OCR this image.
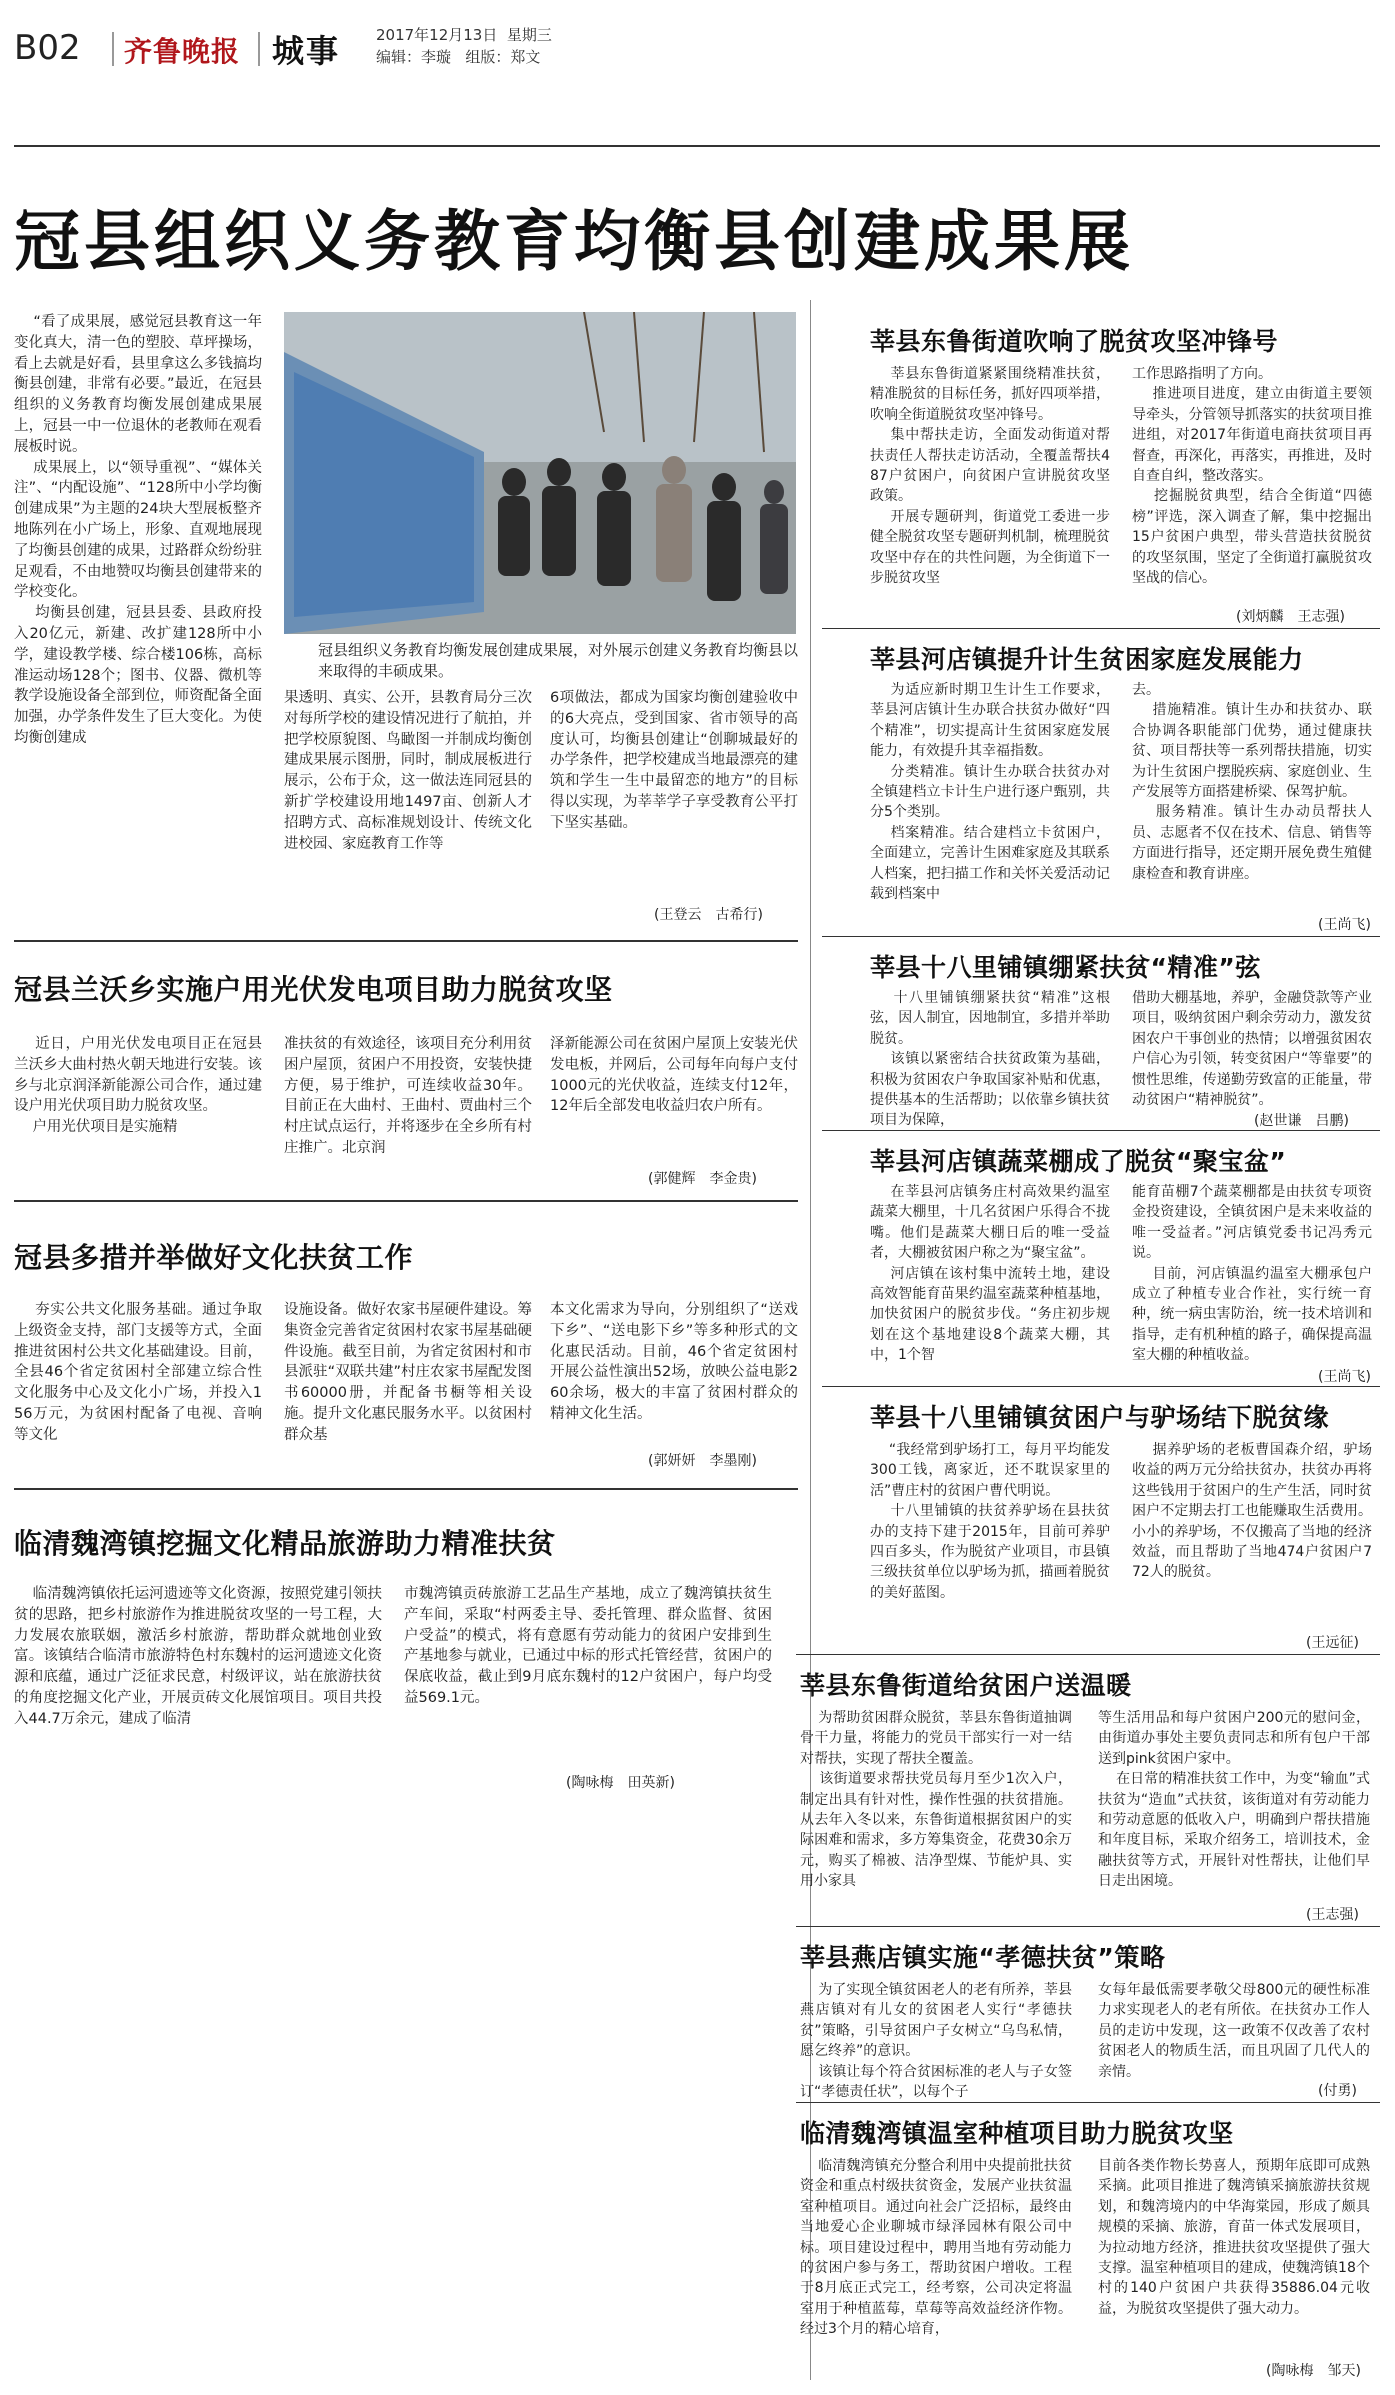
B02 齐鲁晚报 城事 2017年12月13日 星期三
编辑：李璇 组版：郑文
冠县组织义务教育均衡县创建成果展
“看了成果展，感觉冠县教育这一年变化真大，清一色的塑胶、草坪操场，看上去就是好看，县里拿这么多钱搞均衡县创建，非常有必要。”最近，在冠县组织的义务教育均衡发展创建成果展上，冠县一中一位退休的老教师在观看展板时说。
成果展上，以“领导重视”、“媒体关注”、“内配设施”、“128所中小学均衡创建成果”为主题的24块大型展板整齐地陈列在小广场上，形象、直观地展现了均衡县创建的成果，过路群众纷纷驻足观看，不由地赞叹均衡县创建带来的学校变化。
均衡县创建，冠县县委、县政府投入20亿元，新建、改扩建128所中小学，建设教学楼、综合楼106栋，高标准运动场128个；图书、仪器、微机等教学设施设备全部到位，师资配备全面加强，办学条件发生了巨大变化。为使均衡创建成
冠县组织义务教育均衡发展创建成果展，对外展示创建义务教育均衡县以来取得的丰硕成果。
果透明、真实、公开，县教育局分三次对每所学校的建设情况进行了航拍，并把学校原貌图、鸟瞰图一并制成均衡创建成果展示图册，同时，制成展板进行展示，公布于众，这一做法连同冠县的新扩学校建设用地1497亩、创新人才招聘方式、高标准规划设计、传统文化进校园、家庭教育工作等
6项做法，都成为国家均衡创建验收中的6大亮点，受到国家、省市领导的高度认可，均衡县创建让“创聊城最好的办学条件，把学校建成当地最漂亮的建筑和学生一生中最留恋的地方”的目标得以实现，为莘莘学子享受教育公平打下坚实基础。
(王登云　古希行)
冠县兰沃乡实施户用光伏发电项目助力脱贫攻坚
近日，户用光伏发电项目正在冠县兰沃乡大曲村热火朝天地进行安装。该乡与北京润泽新能源公司合作，通过建设户用光伏项目助力脱贫攻坚。
户用光伏项目是实施精
准扶贫的有效途径，该项目充分利用贫困户屋顶，贫困户不用投资，安装快捷方便，易于维护，可连续收益30年。目前正在大曲村、王曲村、贾曲村三个村庄试点运行，并将逐步在全乡所有村庄推广。北京润
泽新能源公司在贫困户屋顶上安装光伏发电板，并网后，公司每年向每户支付1000元的光伏收益，连续支付12年，12年后全部发电收益归农户所有。
(郭健辉　李金贵)
冠县多措并举做好文化扶贫工作
夯实公共文化服务基础。通过争取上级资金支持，部门支援等方式，全面推进贫困村公共文化基础建设。目前，全县46个省定贫困村全部建立综合性文化服务中心及文化小广场，并投入156万元，为贫困村配备了电视、音响等文化
设施设备。做好农家书屋硬件建设。筹集资金完善省定贫困村农家书屋基础硬件设施。截至目前，为省定贫困村和市县派驻“双联共建”村庄农家书屋配发图书60000册，并配备书橱等相关设施。提升文化惠民服务水平。以贫困村群众基
本文化需求为导向，分别组织了“送戏下乡”、“送电影下乡”等多种形式的文化惠民活动。目前，46个省定贫困村开展公益性演出52场，放映公益电影260余场，极大的丰富了贫困村群众的精神文化生活。
(郭妍妍　李墨刚)
临清魏湾镇挖掘文化精品旅游助力精准扶贫
临清魏湾镇依托运河遗迹等文化资源，按照党建引领扶贫的思路，把乡村旅游作为推进脱贫攻坚的一号工程，大力发展农旅联姻，激活乡村旅游，帮助群众就地创业致富。该镇结合临清市旅游特色村东魏村的运河遗迹文化资源和底蕴，通过广泛征求民意，村级评议，站在旅游扶贫的角度挖掘文化产业，开展贡砖文化展馆项目。项目共投入44.7万余元，建成了临清
市魏湾镇贡砖旅游工艺品生产基地，成立了魏湾镇扶贫生产车间，采取“村两委主导、委托管理、群众监督、贫困户受益”的模式，将有意愿有劳动能力的贫困户安排到生产基地参与就业，已通过中标的形式托管经营，贫困户的保底收益，截止到9月底东魏村的12户贫困户，每户均受益569.1元。
(陶咏梅　田英新)
莘县东鲁街道吹响了脱贫攻坚冲锋号
莘县东鲁街道紧紧围绕精准扶贫，精准脱贫的目标任务，抓好四项举措，吹响全街道脱贫攻坚冲锋号。
集中帮扶走访，全面发动街道对帮扶责任人帮扶走访活动，全覆盖帮扶487户贫困户，向贫困户宣讲脱贫攻坚政策。
开展专题研判，街道党工委进一步健全脱贫攻坚专题研判机制，梳理脱贫攻坚中存在的共性问题，为全街道下一步脱贫攻坚
工作思路指明了方向。
推进项目进度，建立由街道主要领导牵头，分管领导抓落实的扶贫项目推进组，对2017年街道电商扶贫项目再督查，再深化，再落实，再推进，及时自查自纠，整改落实。
挖掘脱贫典型，结合全街道“四德榜”评选，深入调查了解，集中挖掘出15户贫困户典型，带头营造扶贫脱贫的攻坚氛围，坚定了全街道打赢脱贫攻坚战的信心。
(刘炳麟　王志强)
莘县河店镇提升计生贫困家庭发展能力
为适应新时期卫生计生工作要求，莘县河店镇计生办联合扶贫办做好“四个精准”，切实提高计生贫困家庭发展能力，有效提升其幸福指数。
分类精准。镇计生办联合扶贫办对全镇建档立卡计生户进行逐户甄别，共分5个类别。
档案精准。结合建档立卡贫困户，全面建立，完善计生困难家庭及其联系人档案，把扫描工作和关怀关爱活动记载到档案中
去。
措施精准。镇计生办和扶贫办、联合协调各职能部门优势，通过健康扶贫、项目帮扶等一系列帮扶措施，切实为计生贫困户摆脱疾病、家庭创业、生产发展等方面搭建桥梁、保驾护航。
服务精准。镇计生办动员帮扶人员、志愿者不仅在技术、信息、销售等方面进行指导，还定期开展免费生殖健康检查和教育讲座。
(王尚飞)
莘县十八里铺镇绷紧扶贫“精准”弦
十八里铺镇绷紧扶贫“精准”这根弦，因人制宜，因地制宜，多措并举助脱贫。
该镇以紧密结合扶贫政策为基础，积极为贫困农户争取国家补贴和优惠，提供基本的生活帮助；以依靠乡镇扶贫项目为保障，
借助大棚基地，养驴，金融贷款等产业项目，吸纳贫困户剩余劳动力，激发贫困农户干事创业的热情；以增强贫困农户信心为引领，转变贫困户“等靠要”的惯性思维，传递勤劳致富的正能量，带动贫困户“精神脱贫”。
(赵世谦　吕鹏)
莘县河店镇蔬菜棚成了脱贫“聚宝盆”
在莘县河店镇务庄村高效果约温室蔬菜大棚里，十几名贫困户乐得合不拢嘴。他们是蔬菜大棚日后的唯一受益者，大棚被贫困户称之为“聚宝盆”。
河店镇在该村集中流转土地，建设高效智能育苗果约温室蔬菜种植基地，加快贫困户的脱贫步伐。“务庄初步规划在这个基地建设8个蔬菜大棚，其中，1个智
能育苗棚7个蔬菜棚都是由扶贫专项资金投资建设，全镇贫困户是未来收益的唯一受益者。”河店镇党委书记冯秀元说。
目前，河店镇温约温室大棚承包户成立了种植专业合作社，实行统一育种，统一病虫害防治，统一技术培训和指导，走有机种植的路子，确保提高温室大棚的种植收益。
(王尚飞)
莘县十八里铺镇贫困户与驴场结下脱贫缘
“我经常到驴场打工，每月平均能发300工钱，离家近，还不耽误家里的活”曹庄村的贫困户曹代明说。
十八里铺镇的扶贫养驴场在县扶贫办的支持下建于2015年，目前可养驴四百多头，作为脱贫产业项目，市县镇三级扶贫单位以驴场为抓，描画着脱贫的美好蓝图。
据养驴场的老板曹国森介绍，驴场收益的两万元分给扶贫办，扶贫办再将这些钱用于贫困户的生产生活，同时贫困户不定期去打工也能赚取生活费用。小小的养驴场，不仅搬高了当地的经济效益，而且帮助了当地474户贫困户772人的脱贫。
(王远征)
莘县东鲁街道给贫困户送温暖
为帮助贫困群众脱贫，莘县东鲁街道抽调骨干力量，将能力的党员干部实行一对一结对帮扶，实现了帮扶全覆盖。
该街道要求帮扶党员每月至少1次入户，制定出具有针对性，操作性强的扶贫措施。从去年入冬以来，东鲁街道根据贫困户的实际困难和需求，多方筹集资金，花费30余万元，购买了棉被、洁净型煤、节能炉具、实用小家具
等生活用品和每户贫困户200元的慰问金，由街道办事处主要负责同志和所有包户干部送到pink贫困户家中。
在日常的精准扶贫工作中，为变“输血”式扶贫为“造血”式扶贫，该街道对有劳动能力和劳动意愿的低收入户，明确到户帮扶措施和年度目标，采取介绍务工，培训技术，金融扶贫等方式，开展针对性帮扶，让他们早日走出困境。
(王志强)
莘县燕店镇实施“孝德扶贫”策略
为了实现全镇贫困老人的老有所养，莘县燕店镇对有儿女的贫困老人实行“孝德扶贫”策略，引导贫困户子女树立“乌鸟私情，愿乞终养”的意识。
该镇让每个符合贫困标准的老人与子女签订“孝德责任状”，以每个子
女每年最低需要孝敬父母800元的硬性标准力求实现老人的老有所依。在扶贫办工作人员的走访中发现，这一政策不仅改善了农村贫困老人的物质生活，而且巩固了几代人的亲情。
(付勇)
临清魏湾镇温室种植项目助力脱贫攻坚
临清魏湾镇充分整合利用中央提前批扶贫资金和重点村级扶贫资金，发展产业扶贫温室种植项目。通过向社会广泛招标，最终由当地爱心企业聊城市绿泽园林有限公司中标。项目建设过程中，聘用当地有劳动能力的贫困户参与务工，帮助贫困户增收。工程于8月底正式完工，经考察，公司决定将温室用于种植蓝莓，草莓等高效益经济作物。经过3个月的精心培育，
目前各类作物长势喜人，预期年底即可成熟采摘。此项目推进了魏湾镇采摘旅游扶贫规划，和魏湾境内的中华海棠园，形成了颇具规模的采摘、旅游，育苗一体式发展项目，为拉动地方经济，推进扶贫攻坚提供了强大支撑。温室种植项目的建成，使魏湾镇18个村的140户贫困户共获得35886.04元收益，为脱贫攻坚提供了强大动力。
(陶咏梅　邹天)
